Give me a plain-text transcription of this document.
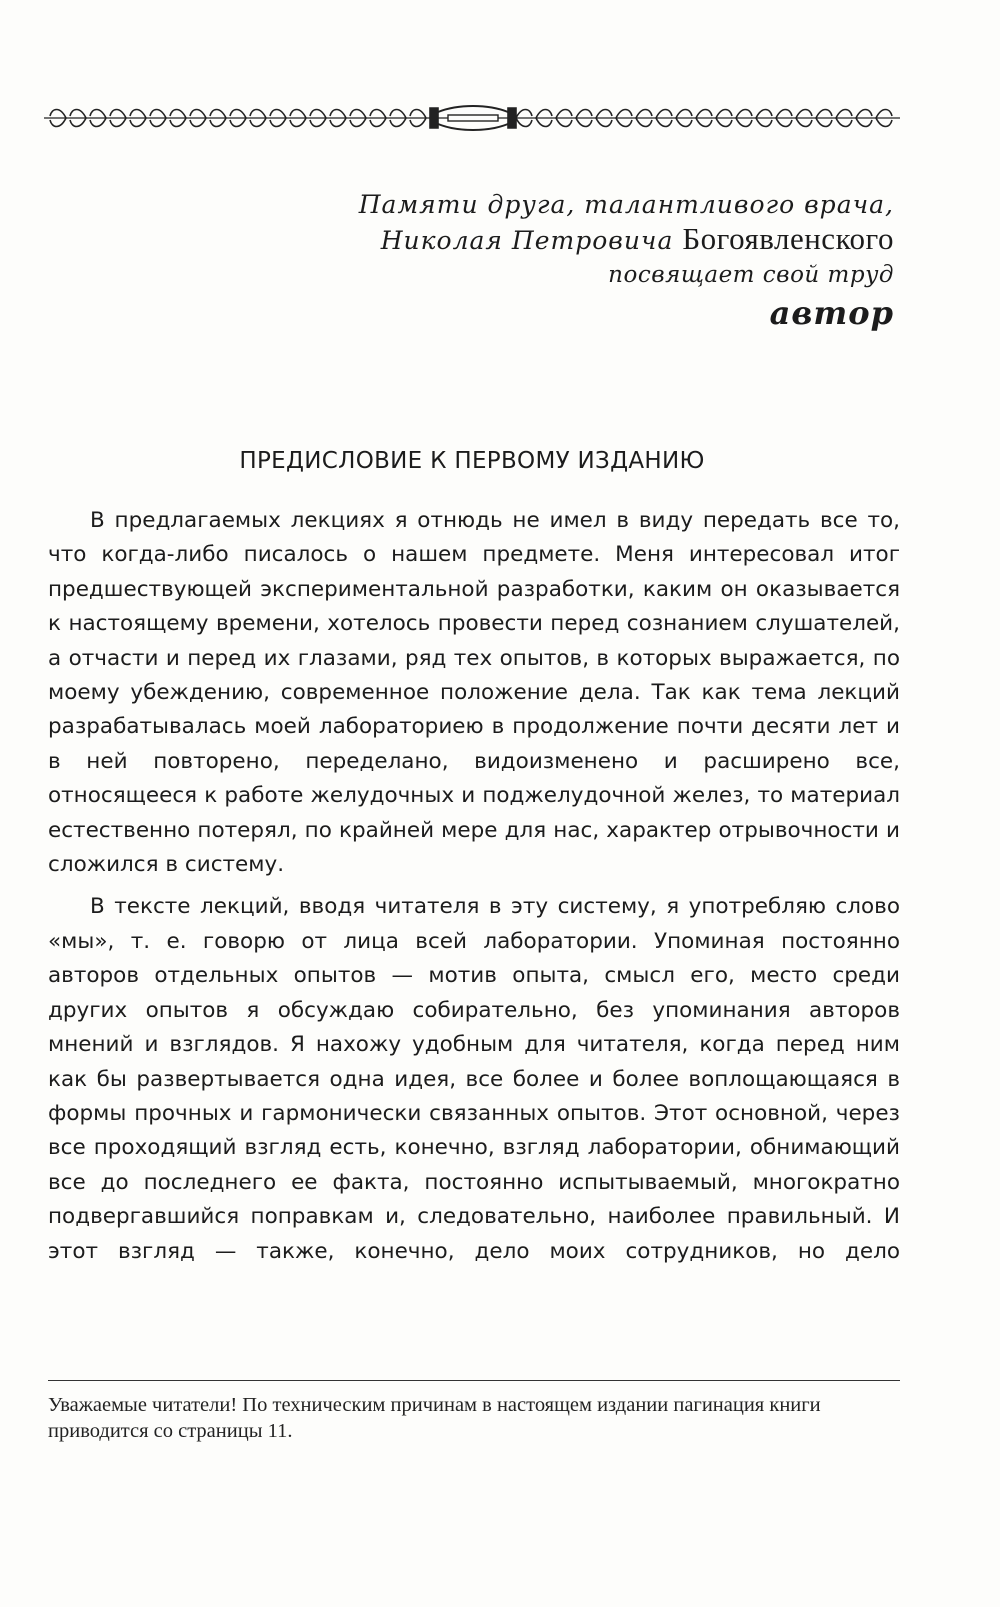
Памяти друга, талантливого врача,
Николая Петровича Богоявленского
посвящает свой труд
автор
ПРЕДИСЛОВИЕ К ПЕРВОМУ ИЗДАНИЮ

В предлагаемых лекциях я отнюдь не имел в виду передать все то, что когда-либо писалось о нашем предмете. Меня интересовал итог предшествующей экспериментальной разработки, каким он оказывается к настоящему времени, хотелось провести перед сознанием слушателей, а отчасти и перед их глазами, ряд тех опытов, в которых выражается, по моему убеждению, современное положение дела. Так как тема лекций разрабатывалась моей лабораториею в продолжение почти десяти лет и в ней повторено, переделано, видоизменено и расширено все, относящееся к работе желудочных и поджелудочной желез, то материал естественно потерял, по крайней мере для нас, характер отрывочности и сложился в систему.

В тексте лекций, вводя читателя в эту систему, я употребляю слово «мы», т. е. говорю от лица всей лаборатории. Упоминая постоянно авторов отдельных опытов — мотив опыта, смысл его, место среди других опытов я обсуждаю собирательно, без упоминания авторов мнений и взглядов. Я нахожу удобным для читателя, когда перед ним как бы развертывается одна идея, все более и более воплощающаяся в формы прочных и гармонически связанных опытов. Этот основной, через все проходящий взгляд есть, конечно, взгляд лаборатории, обнимающий все до последнего ее факта, постоянно испытываемый, многократно подвергавшийся поправкам и, следовательно, наиболее правильный. И этот взгляд — также, конечно, дело моих сотрудников, но дело

Уважаемые читатели! По техническим причинам в настоящем издании пагинация книги приводится со страницы 11.
